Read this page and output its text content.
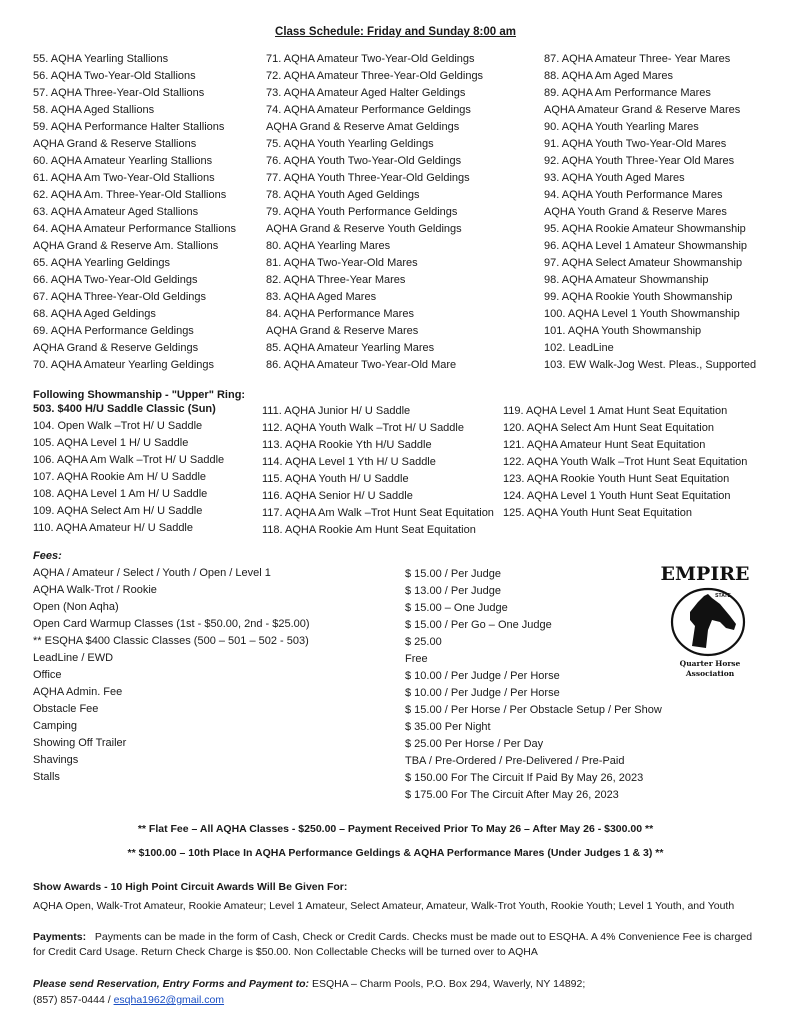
Class Schedule: Friday and Sunday 8:00 am
55. AQHA Yearling Stallions
56. AQHA Two-Year-Old Stallions
57. AQHA Three-Year-Old Stallions
58. AQHA Aged Stallions
59. AQHA Performance Halter Stallions
AQHA Grand & Reserve Stallions
60. AQHA Amateur Yearling Stallions
61. AQHA Am Two-Year-Old Stallions
62. AQHA Am. Three-Year-Old Stallions
63. AQHA Amateur Aged Stallions
64. AQHA Amateur Performance Stallions
AQHA Grand & Reserve Am. Stallions
65. AQHA Yearling Geldings
66. AQHA Two-Year-Old Geldings
67. AQHA Three-Year-Old Geldings
68. AQHA Aged Geldings
69. AQHA Performance Geldings
AQHA Grand & Reserve Geldings
70. AQHA Amateur Yearling Geldings
71. AQHA Amateur Two-Year-Old Geldings
72. AQHA Amateur Three-Year-Old Geldings
73. AQHA Amateur Aged Halter Geldings
74. AQHA Amateur Performance Geldings
AQHA Grand & Reserve Amat Geldings
75. AQHA Youth Yearling Geldings
76. AQHA Youth Two-Year-Old Geldings
77. AQHA Youth Three-Year-Old Geldings
78. AQHA Youth Aged Geldings
79. AQHA Youth Performance Geldings
AQHA Grand & Reserve Youth Geldings
80. AQHA Yearling Mares
81. AQHA Two-Year-Old Mares
82. AQHA Three-Year Mares
83. AQHA Aged Mares
84. AQHA Performance Mares
AQHA Grand & Reserve Mares
85. AQHA Amateur Yearling Mares
86. AQHA Amateur Two-Year-Old Mare
87. AQHA Amateur Three- Year Mares
88. AQHA Am Aged Mares
89. AQHA Am Performance Mares
AQHA Amateur Grand & Reserve Mares
90. AQHA Youth Yearling Mares
91. AQHA Youth Two-Year-Old Mares
92. AQHA Youth Three-Year Old Mares
93. AQHA Youth Aged Mares
94. AQHA Youth Performance Mares
AQHA Youth Grand & Reserve Mares
95. AQHA Rookie Amateur Showmanship
96. AQHA Level 1 Amateur Showmanship
97. AQHA Select Amateur Showmanship
98. AQHA Amateur Showmanship
99. AQHA Rookie Youth Showmanship
100. AQHA Level 1 Youth Showmanship
101. AQHA Youth Showmanship
102. LeadLine
103. EW Walk-Jog West. Pleas., Supported
Following Showmanship - "Upper" Ring:
503. $400 H/U Saddle Classic (Sun)
104. Open Walk –Trot H/ U Saddle
105. AQHA Level 1 H/ U Saddle
106. AQHA Am Walk –Trot H/ U Saddle
107. AQHA Rookie Am H/ U Saddle
108. AQHA Level 1 Am H/ U Saddle
109. AQHA Select Am H/ U Saddle
110. AQHA Amateur H/ U Saddle
111. AQHA Junior H/ U Saddle
112. AQHA Youth Walk –Trot H/ U Saddle
113. AQHA Rookie Yth H/U Saddle
114. AQHA Level 1 Yth H/ U Saddle
115. AQHA Youth H/ U Saddle
116. AQHA Senior H/ U Saddle
117. AQHA Am Walk –Trot Hunt Seat Equitation
118. AQHA Rookie Am Hunt Seat Equitation
119. AQHA Level 1 Amat Hunt Seat Equitation
120. AQHA Select Am Hunt Seat Equitation
121. AQHA Amateur Hunt Seat Equitation
122. AQHA Youth Walk –Trot Hunt Seat Equitation
123. AQHA Rookie Youth Hunt Seat Equitation
124. AQHA Level 1 Youth Hunt Seat Equitation
125. AQHA Youth Hunt Seat Equitation
Fees:
AQHA / Amateur / Select / Youth / Open / Level 1
AQHA Walk-Trot / Rookie
Open (Non Aqha)
Open Card Warmup Classes (1st - $50.00, 2nd - $25.00)
** ESQHA $400 Classic Classes (500 – 501 – 502 - 503)
LeadLine / EWD
Office
AQHA Admin. Fee
Obstacle Fee
Camping
Showing Off Trailer
Shavings
Stalls
$ 15.00 / Per Judge
$ 13.00 / Per Judge
$ 15.00 – One Judge
$ 15.00 / Per Go – One Judge
$ 25.00
Free
$ 10.00 / Per Judge / Per Horse
$ 10.00 / Per Judge / Per Horse
$ 15.00 / Per Horse / Per Obstacle Setup / Per Show
$ 35.00 Per Night
$ 25.00 Per Horse / Per Day
TBA / Pre-Ordered / Pre-Delivered / Pre-Paid
$ 150.00 For The Circuit If Paid By May 26, 2023
$ 175.00 For The Circuit After May 26, 2023
EMPIRE
STATE
Quarter Horse
Association
** Flat Fee – All AQHA Classes - $250.00 – Payment Received Prior To May 26 – After May 26 - $300.00 **
** $100.00 – 10th Place In AQHA Performance Geldings & AQHA Performance Mares (Under Judges 1 & 3) **
Show Awards - 10 High Point Circuit Awards Will Be Given For:
AQHA Open, Walk-Trot Amateur, Rookie Amateur; Level 1 Amateur, Select Amateur, Amateur, Walk-Trot Youth, Rookie Youth; Level 1 Youth, and Youth
Payments: Payments can be made in the form of Cash, Check or Credit Cards. Checks must be made out to ESQHA. A 4% Convenience Fee is charged for Credit Card Usage. Return Check Charge is $50.00. Non Collectable Checks will be turned over to AQHA
Please send Reservation, Entry Forms and Payment to: ESQHA – Charm Pools, P.O. Box 294, Waverly, NY 14892;
(857) 857-0444 / esqha1962@gmail.com
